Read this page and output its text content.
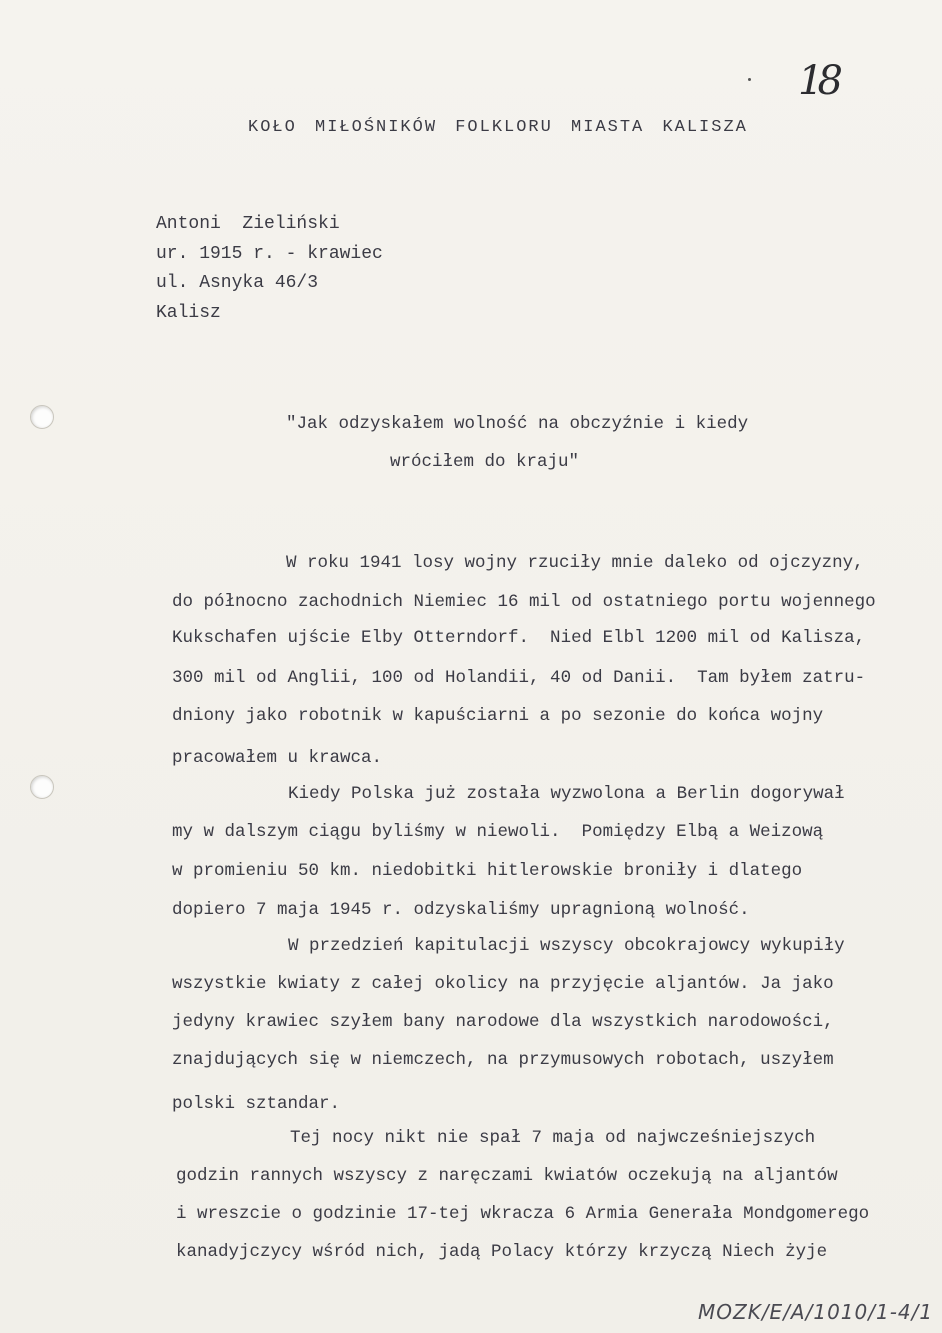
18
KOŁO MIŁOŚNIKÓW FOLKLORU MIASTA KALISZA
Antoni  Zieliński
ur. 1915 r. - krawiec
ul. Asnyka 46/3
Kalisz
"Jak odzyskałem wolność na obczyźnie i kiedy
wróciłem do kraju"
W roku 1941 losy wojny rzuciły mnie daleko od ojczyzny,
do północno zachodnich Niemiec 16 mil od ostatniego portu wojennego
Kukschafen ujście Elby Otterndorf.  Nied Elbl 1200 mil od Kalisza,
300 mil od Anglii, 100 od Holandii, 40 od Danii.  Tam byłem zatru-
dniony jako robotnik w kapuściarni a po sezonie do końca wojny
pracowałem u krawca.
Kiedy Polska już została wyzwolona a Berlin dogorywał
my w dalszym ciągu byliśmy w niewoli.  Pomiędzy Elbą a Weizową
w promieniu 50 km. niedobitki hitlerowskie broniły i dlatego
dopiero 7 maja 1945 r. odzyskaliśmy upragnioną wolność.
W przedzień kapitulacji wszyscy obcokrajowcy wykupiły
wszystkie kwiaty z całej okolicy na przyjęcie aljantów. Ja jako
jedyny krawiec szyłem bany narodowe dla wszystkich narodowości,
znajdujących się w niemczech, na przymusowych robotach, uszyłem
polski sztandar.
Tej nocy nikt nie spał 7 maja od najwcześniejszych
godzin rannych wszyscy z naręczami kwiatów oczekują na aljantów
i wreszcie o godzinie 17-tej wkracza 6 Armia Generała Mondgomerego
kanadyjczycy wśród nich, jadą Polacy którzy krzyczą Niech żyje
MOZK/E/A/1010/1-4/1
